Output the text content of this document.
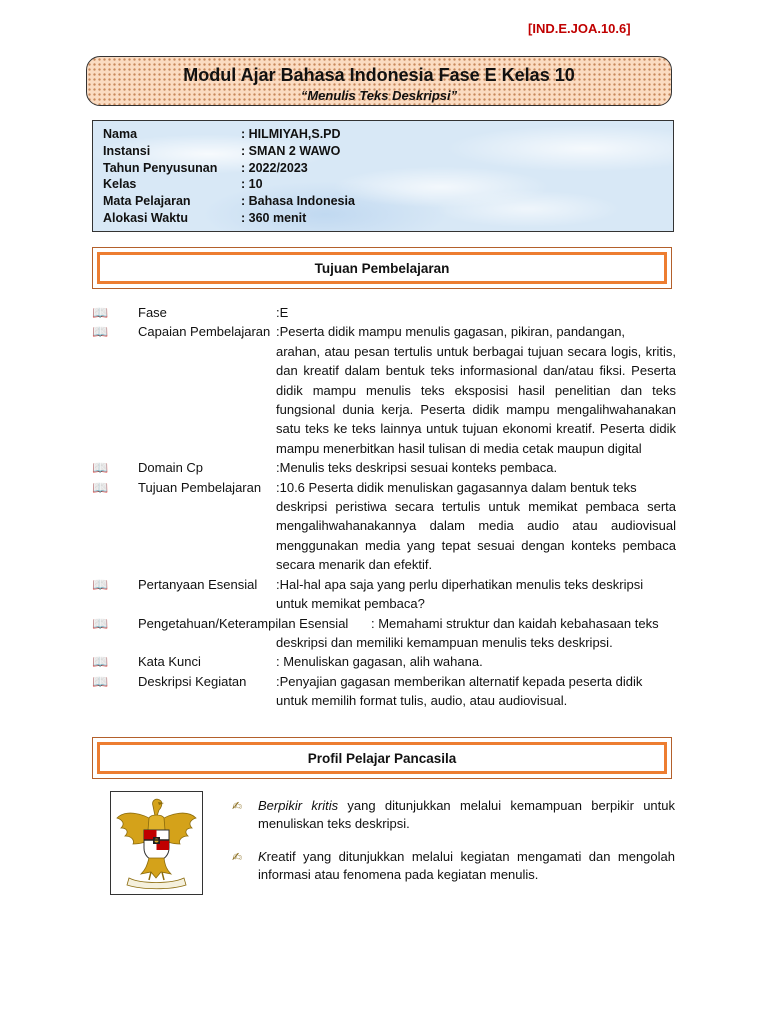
[IND.E.JOA.10.6]
Modul Ajar Bahasa Indonesia Fase E Kelas 10
“Menulis Teks Deskripsi”
Nama	: HILMIYAH,S.PD
Instansi	: SMAN 2 WAWO
Tahun Penyusunan	: 2022/2023
Kelas	: 10
Mata Pelajaran	: Bahasa Indonesia
Alokasi Waktu	: 360 menit
Tujuan Pembelajaran
📖	Fase	:E
📖	Capaian Pembelajaran :Peserta didik mampu menulis gagasan, pikiran, pandangan,
arahan, atau pesan tertulis untuk berbagai tujuan secara logis, kritis, dan kreatif dalam bentuk teks informasional dan/atau fiksi. Peserta didik mampu menulis teks eksposisi hasil penelitian dan teks fungsional dunia kerja. Peserta didik mampu mengalihwahanakan satu teks ke teks lainnya untuk tujuan ekonomi kreatif. Peserta didik mampu menerbitkan hasil tulisan di media cetak maupun digital
📖	Domain Cp	:Menulis teks deskripsi sesuai konteks pembaca.
📖	Tujuan Pembelajaran	:10.6 Peserta didik menuliskan gagasannya dalam bentuk teks
deskripsi peristiwa secara tertulis untuk memikat pembaca serta mengalihwahanakannya dalam media audio atau audiovisual menggunakan media yang tepat sesuai dengan konteks pembaca secara menarik dan efektif.
📖	Pertanyaan Esensial	:Hal-hal apa saja yang perlu diperhatikan menulis teks deskripsi
untuk memikat pembaca?
📖	Pengetahuan/Keterampilan Esensial	: Memahami struktur dan kaidah kebahasaan teks
deskripsi dan memiliki kemampuan menulis teks deskripsi.
📖	Kata Kunci	: Menuliskan gagasan, alih wahana.
📖	Deskripsi Kegiatan	:Penyajian gagasan memberikan alternatif kepada peserta didik
untuk memilih format tulis, audio, atau audiovisual.
Profil Pelajar Pancasila
✍	Berpikir kritis yang ditunjukkan melalui kemampuan berpikir untuk menuliskan teks deskripsi.
✍	Kreatif yang ditunjukkan melalui kegiatan mengamati dan mengolah informasi atau fenomena pada kegiatan menulis.
